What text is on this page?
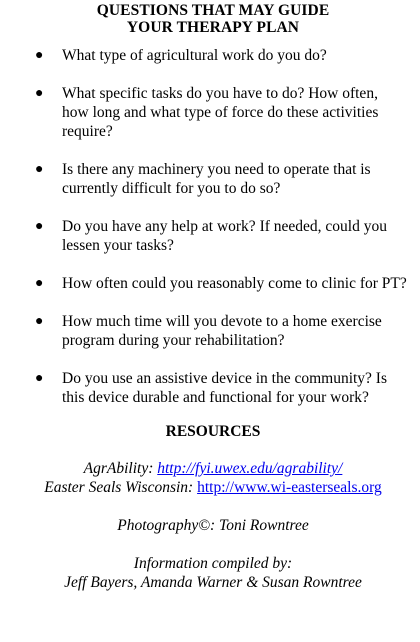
QUESTIONS THAT MAY GUIDE
YOUR THERAPY PLAN
● What type of agricultural work do you do?
● What specific tasks do you have to do? How often, how long and what type of force do these activities require?
● Is there any machinery you need to operate that is currently difficult for you to do so?
● Do you have any help at work? If needed, could you lessen your tasks?
● How often could you reasonably come to clinic for PT?
● How much time will you devote to a home exercise program during your rehabilitation?
● Do you use an assistive device in the community? Is this device durable and functional for your work?
RESOURCES
AgrAbility: http://fyi.uwex.edu/agrability/
Easter Seals Wisconsin: http://www.wi-easterseals.org
Photography©: Toni Rowntree
Information compiled by:
Jeff Bayers, Amanda Warner & Susan Rowntree
